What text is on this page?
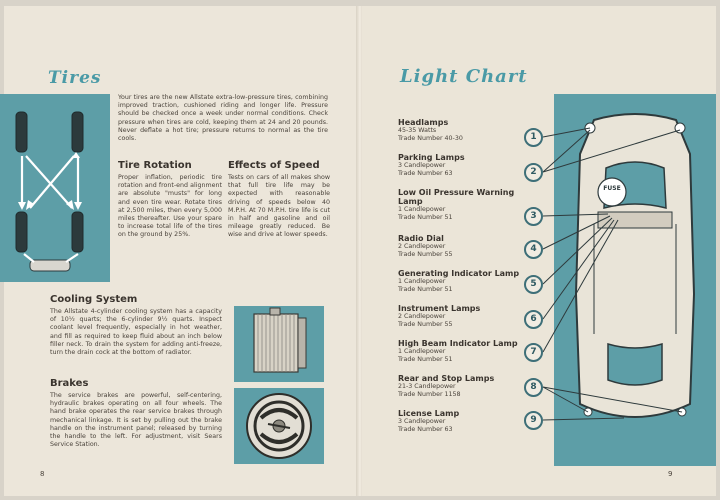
Tires
Your tires are the new Allstate extra-low-pressure tires, combining improved traction, cushioned riding and longer life. Pressure should be checked once a week under normal conditions. Check pressure when tires are cold, keeping them at 24 and 20 pounds. Never deflate a hot tire; pressure returns to normal as the tire cools.
Tire Rotation
Proper inflation, periodic tire rotation and front-end alignment are absolute "musts" for long and even tire wear. Rotate tires at 2,500 miles, then every 5,000 miles thereafter. Use your spare to increase total life of the tires on the ground by 25%.
Effects of Speed
Tests on cars of all makes show that full tire life may be expected with reasonable driving of speeds below 40 M.P.H. At 70 M.P.H. tire life is cut in half and gasoline and oil mileage greatly reduced. Be wise and drive at lower speeds.
Cooling System
The Allstate 4-cylinder cooling system has a capacity of 10½ quarts; the 6-cylinder 9½ quarts. Inspect coolant level frequently, especially in hot weather, and fill as required to keep fluid about an inch below filler neck. To drain the system for adding anti-freeze, turn the drain cock at the bottom of radiator.
Brakes
The service brakes are powerful, self-centering, hydraulic brakes operating on all four wheels. The hand brake operates the rear service brakes through mechanical linkage. It is set by pulling out the brake handle on the instrument panel; released by turning the handle to the left. For adjustment, visit Sears Service Station.
8
Light Chart
Headlamps
45-35 Watts
Trade Number 40-30
Parking Lamps
3 Candlepower
Trade Number 63
Low Oil Pressure Warning Lamp
1 Candlepower
Trade Number 51
Radio Dial
2 Candlepower
Trade Number 55
Generating Indicator Lamp
1 Candlepower
Trade Number 51
Instrument Lamps
2 Candlepower
Trade Number 55
High Beam Indicator Lamp
1 Candlepower
Trade Number 51
Rear and Stop Lamps
21-3 Candlepower
Trade Number 1158
License Lamp
3 Candlepower
Trade Number 63
FUSE
1
2
3
4
5
6
7
8
9
9
